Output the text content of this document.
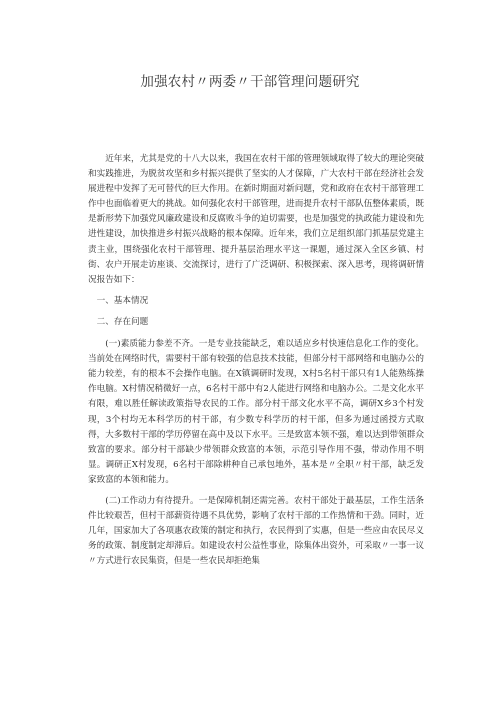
加强农村〃两委〃干部管理问题研究

近年来，尤其是党的十八大以来，我国在农村干部的管理领域取得了较大的理论突破和实践推进，为脱贫攻坚和乡村振兴提供了坚实的人才保障，广大农村干部在经济社会发展进程中发挥了无可替代的巨大作用。在新时期面对新问题，党和政府在农村干部管理工作中也面临着更大的挑战。如何强化农村干部管理，进而提升农村干部队伍整体素质，既是新形势下加强党风廉政建设和反腐败斗争的迫切需要，也是加强党的执政能力建设和先进性建设，加快推进乡村振兴战略的根本保障。近年来，我们立足组织部门抓基层党建主责主业，围绕强化农村干部管理、提升基层治理水平这一课题，通过深入全区乡镇、村街、农户开展走访座谈、交流探讨，进行了广泛调研、积极探索、深入思考，现将调研情况报告如下：

一、基本情况

二、存在问题

(一)素质能力参差不齐。一是专业技能缺乏，难以适应乡村快速信息化工作的变化。当前处在网络时代，需要村干部有较强的信息技术技能，但部分村干部网络和电脑办公的能力较差，有的根本不会操作电脑。在X镇调研时发现，X村5名村干部只有1人能熟练操作电脑。X村情况稍微好一点，6名村干部中有2人能进行网络和电脑办公。二是文化水平有限，难以胜任解读政策指导农民的工作。部分村干部文化水平不高，调研X乡3个村发现，3个村均无本科学历的村干部，有少数专科学历的村干部，但多为通过函授方式取得，大多数村干部的学历停留在高中及以下水平。三是致富本领不强，难以达到带领群众致富的要求。部分村干部缺少带领群众致富的本领，示范引导作用不强，带动作用不明显。调研正X村发现，6名村干部除耕种自己承包地外，基本是〃全职〃村干部，缺乏发家致富的本领和能力。

(二)工作动力有待提升。一是保障机制还需完善。农村干部处于最基层，工作生活条件比较艰苦，但村干部薪资待遇不具优势，影响了农村干部的工作热情和干劲。同时，近几年，国家加大了各项惠农政策的制定和执行，农民得到了实惠，但是一些应由农民尽义务的政策、制度制定却滞后。如建设农村公益性事业，除集体出资外，可采取〃一事一议〃方式进行农民集资，但是一些农民却拒绝集
